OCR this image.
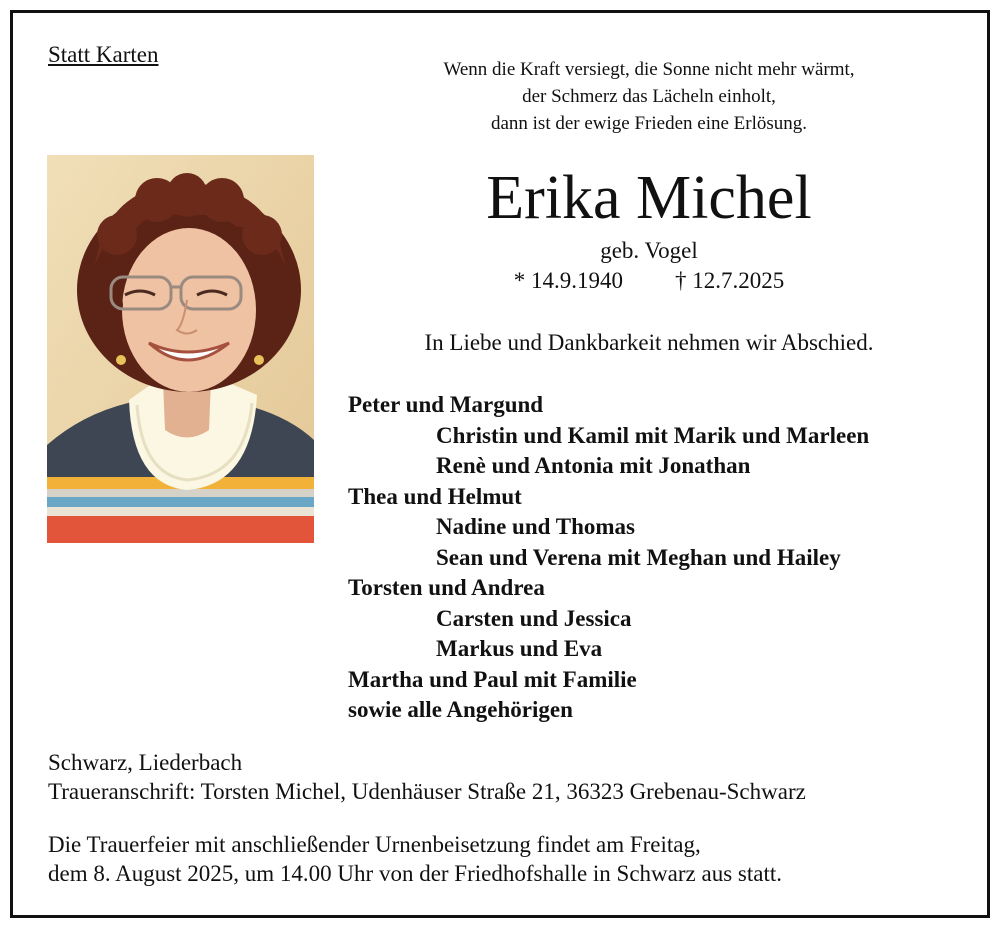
Statt Karten
Wenn die Kraft versiegt, die Sonne nicht mehr wärmt,
der Schmerz das Lächeln einholt,
dann ist der ewige Frieden eine Erlösung.
Erika Michel
geb. Vogel
* 14.9.1940 † 12.7.2025
In Liebe und Dankbarkeit nehmen wir Abschied.
Peter und Margund
Christin und Kamil mit Marik und Marleen
Renè und Antonia mit Jonathan
Thea und Helmut
Nadine und Thomas
Sean und Verena mit Meghan und Hailey
Torsten und Andrea
Carsten und Jessica
Markus und Eva
Martha und Paul mit Familie
sowie alle Angehörigen
Schwarz, Liederbach
Traueranschrift: Torsten Michel, Udenhäuser Straße 21, 36323 Grebenau-Schwarz
Die Trauerfeier mit anschließender Urnenbeisetzung findet am Freitag,
dem 8. August 2025, um 14.00 Uhr von der Friedhofshalle in Schwarz aus statt.
